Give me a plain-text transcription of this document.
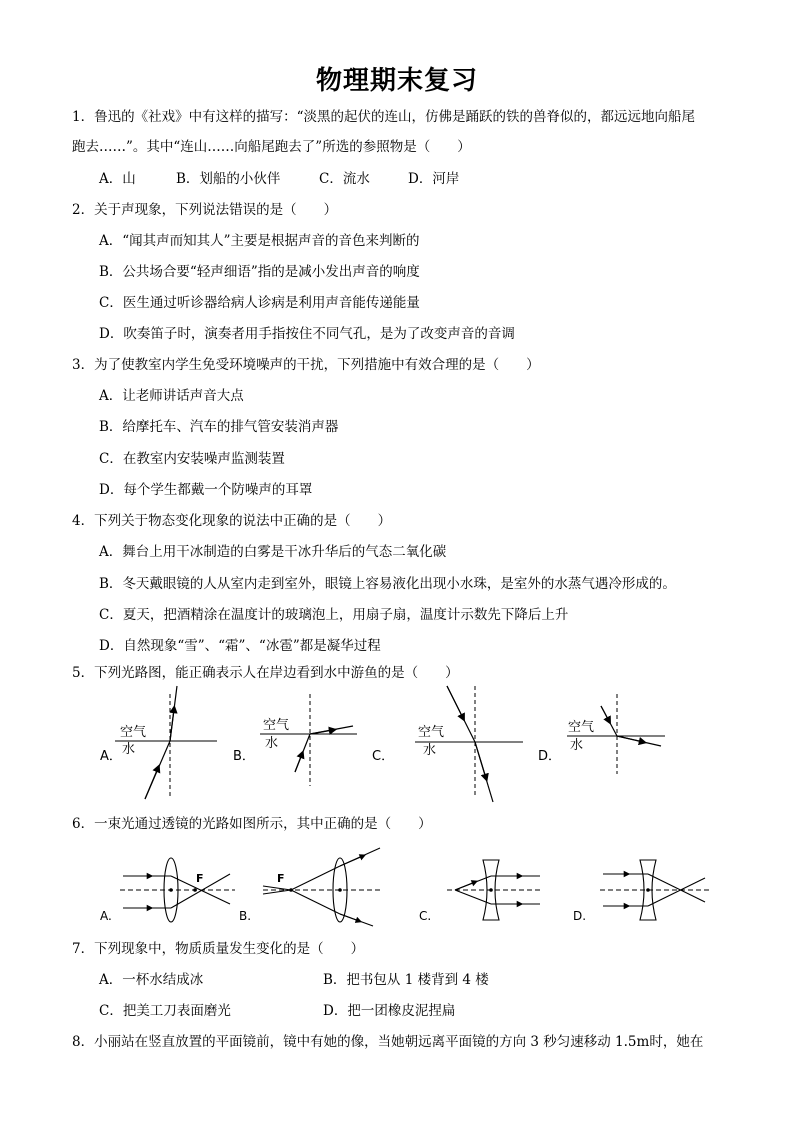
物理期末复习
1．鲁迅的《社戏》中有这样的描写：“淡黑的起伏的连山，仿佛是踊跃的铁的兽脊似的，都远远地向船尾
跑去……”。其中“连山……向船尾跑去了”所选的参照物是（　　）
A．山	B．划船的小伙伴	C．流水	D．河岸
2．关于声现象，下列说法错误的是（　　）
A．“闻其声而知其人”主要是根据声音的音色来判断的
B．公共场合要“轻声细语”指的是减小发出声音的响度
C．医生通过听诊器给病人诊病是利用声音能传递能量
D．吹奏笛子时，演奏者用手指按住不同气孔，是为了改变声音的音调
3．为了使教室内学生免受环境噪声的干扰，下列措施中有效合理的是（　　）
A．让老师讲话声音大点
B．给摩托车、汽车的排气管安装消声器
C．在教室内安装噪声监测装置
D．每个学生都戴一个防噪声的耳罩
4．下列关于物态变化现象的说法中正确的是（　　）
A．舞台上用干冰制造的白雾是干冰升华后的气态二氧化碳
B．冬天戴眼镜的人从室内走到室外，眼镜上容易液化出现小水珠，是室外的水蒸气遇冷形成的。
C．夏天，把酒精涂在温度计的玻璃泡上，用扇子扇，温度计示数先下降后上升
D．自然现象“雪”、“霜”、“冰雹”都是凝华过程
5．下列光路图，能正确表示人在岸边看到水中游鱼的是（　　）
空气
水
A．
空气
水
B．
空气
水
C．
空气
水
D．
6．一束光通过透镜的光路如图所示，其中正确的是（　　）
F
A.
F
B.	C.	D.
7．下列现象中，物质质量发生变化的是（　　）
A．一杯水结成冰	B．把书包从 1 楼背到 4 楼
C．把美工刀表面磨光	D．把一团橡皮泥捏扁
8．小丽站在竖直放置的平面镜前，镜中有她的像，当她朝远离平面镜的方向 3 秒匀速移动 1.5m时，她在
